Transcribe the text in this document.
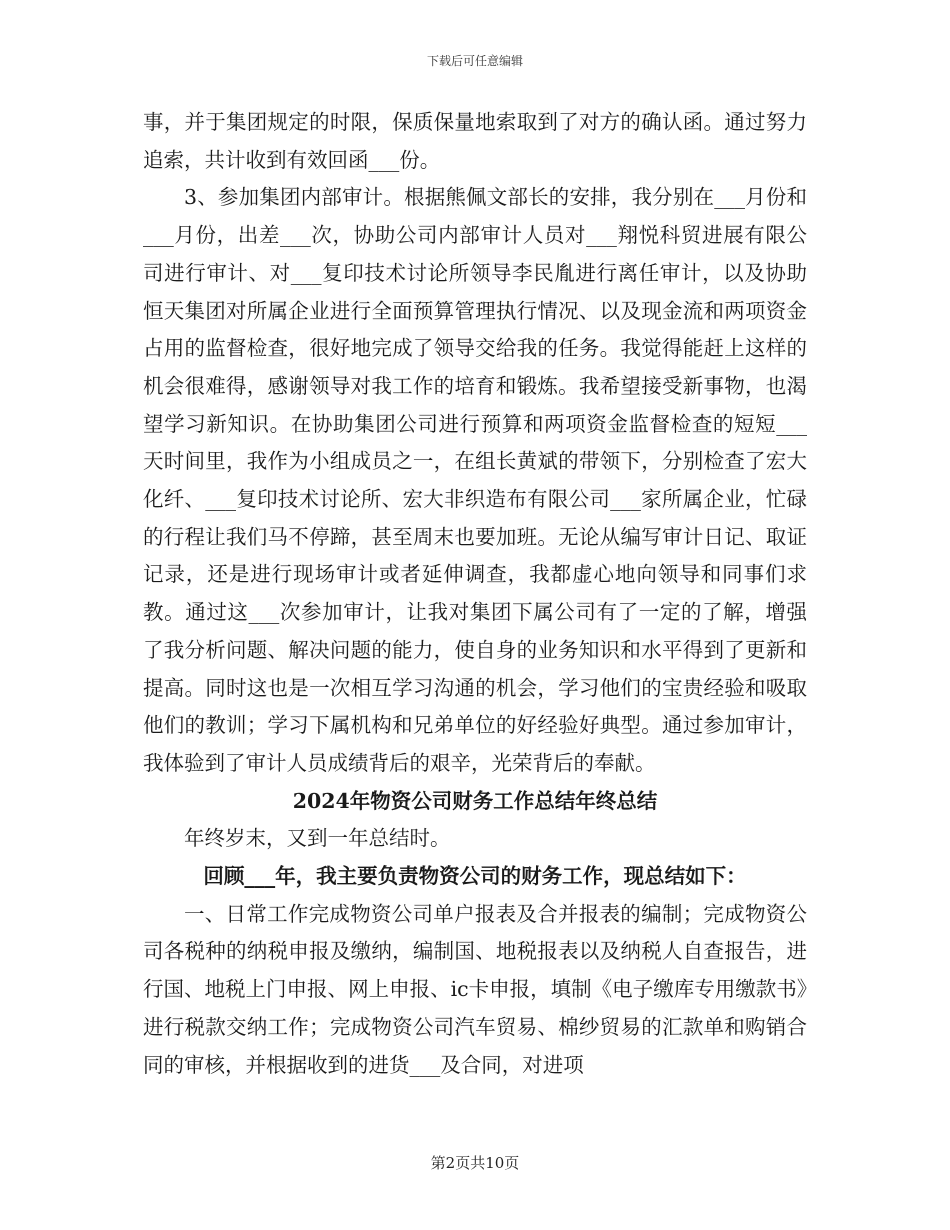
下载后可任意编辑

事，并于集团规定的时限，保质保量地索取到了对方的确认函。通过努力追索，共计收到有效回函___份。

3、参加集团内部审计。根据熊佩文部长的安排，我分别在___月份和___月份，出差___次，协助公司内部审计人员对___翔悦科贸进展有限公司进行审计、对___复印技术讨论所领导李民胤进行离任审计，以及协助恒天集团对所属企业进行全面预算管理执行情况、以及现金流和两项资金占用的监督检查，很好地完成了领导交给我的任务。我觉得能赶上这样的机会很难得，感谢领导对我工作的培育和锻炼。我希望接受新事物，也渴望学习新知识。在协助集团公司进行预算和两项资金监督检查的短短___天时间里，我作为小组成员之一，在组长黄斌的带领下，分别检查了宏大化纤、___复印技术讨论所、宏大非织造布有限公司___家所属企业，忙碌的行程让我们马不停蹄，甚至周末也要加班。无论从编写审计日记、取证记录，还是进行现场审计或者延伸调查，我都虚心地向领导和同事们求教。通过这___次参加审计，让我对集团下属公司有了一定的了解，增强了我分析问题、解决问题的能力，使自身的业务知识和水平得到了更新和提高。同时这也是一次相互学习沟通的机会，学习他们的宝贵经验和吸取他们的教训；学习下属机构和兄弟单位的好经验好典型。通过参加审计，我体验到了审计人员成绩背后的艰辛，光荣背后的奉献。

2024年物资公司财务工作总结年终总结

年终岁末，又到一年总结时。

回顾___年，我主要负责物资公司的财务工作，现总结如下：

一、日常工作完成物资公司单户报表及合并报表的编制；完成物资公司各税种的纳税申报及缴纳，编制国、地税报表以及纳税人自查报告，进行国、地税上门申报、网上申报、ic卡申报，填制《电子缴库专用缴款书》进行税款交纳工作；完成物资公司汽车贸易、棉纱贸易的汇款单和购销合同的审核，并根据收到的进货___及合同，对进项

第2页共10页
